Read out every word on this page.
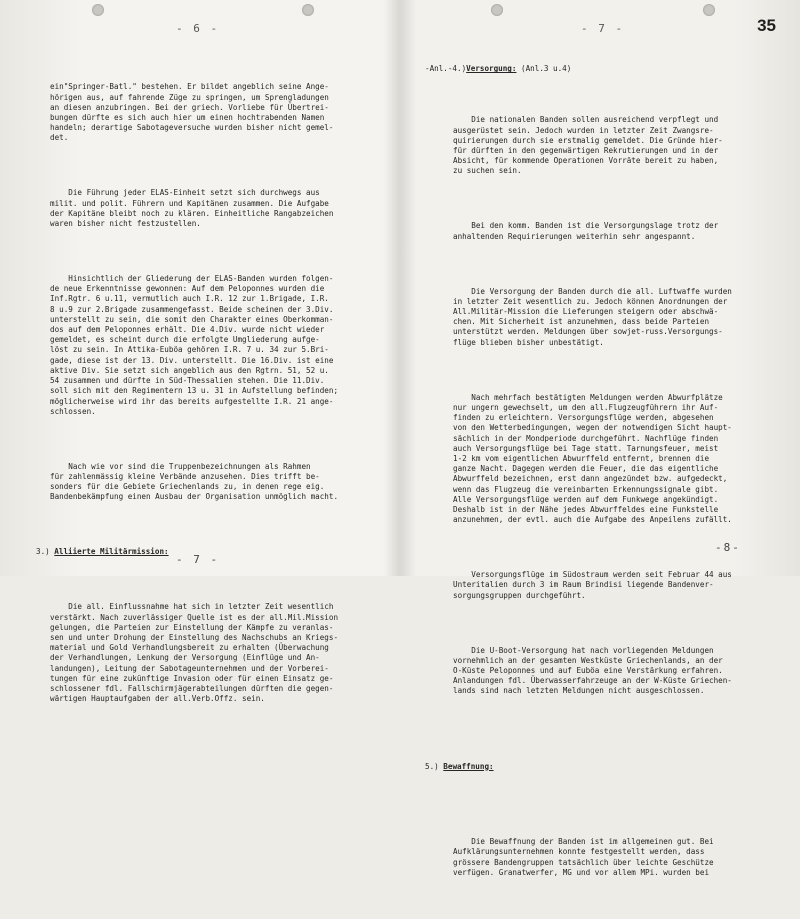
- 6 -

ein"Springer-Batl." bestehen. Er bildet angeblich seine Ange-
hörigen aus, auf fahrende Züge zu springen, um Sprengladungen
an diesen anzubringen. Bei der griech. Vorliebe für Übertrei-
bungen dürfte es sich auch hier um einen hochtrabenden Namen
handeln; derartige Sabotageversuche wurden bisher nicht gemel-
det.

Die Führung jeder ELAS-Einheit setzt sich durchwegs aus
milit. und polit. Führern und Kapitänen zusammen. Die Aufgabe
der Kapitäne bleibt noch zu klären. Einheitliche Rangabzeichen
waren bisher nicht festzustellen.

Hinsichtlich der Gliederung der ELAS-Banden wurden folgen-
de neue Erkenntnisse gewonnen: Auf dem Peloponnes wurden die
Inf.Rgtr. 6 u.11, vermutlich auch I.R. 12 zur 1.Brigade, I.R.
8 u.9 zur 2.Brigade zusammengefasst. Beide scheinen der 3.Div.
unterstellt zu sein, die somit den Charakter eines Oberkomman-
dos auf dem Peloponnes erhält. Die 4.Div. wurde nicht wieder
gemeldet, es scheint durch die erfolgte Umgliederung aufge-
löst zu sein. In Attika-Euböa gehören I.R. 7 u. 34 zur 5.Bri-
gade, diese ist der 13. Div. unterstellt. Die 16.Div. ist eine
aktive Div. Sie setzt sich angeblich aus den Rgtrn. 51, 52 u.
54 zusammen und dürfte in Süd-Thessalien stehen. Die 11.Div.
soll sich mit den Regimentern 13 u. 31 in Aufstellung befinden;
möglicherweise wird ihr das bereits aufgestellte I.R. 21 ange-
schlossen.

Nach wie vor sind die Truppenbezeichnungen als Rahmen
für zahlenmässig kleine Verbände anzusehen. Dies trifft be-
sonders für die Gebiete Griechenlands zu, in denen rege eig.
Bandenbekämpfung einen Ausbau der Organisation unmöglich macht.

3.) Alliierte Militärmission:

Die all. Einflussnahme hat sich in letzter Zeit wesentlich
verstärkt. Nach zuverlässiger Quelle ist es der all.Mil.Mission
gelungen, die Parteien zur Einstellung der Kämpfe zu veranlas-
sen und unter Drohung der Einstellung des Nachschubs an Kriegs-
material und Gold Verhandlungsbereit zu erhalten (Überwachung
der Verhandlungen, Lenkung der Versorgung (Einflüge und An-
landungen), Leitung der Sabotageunternehmen und der Vorberei-
tungen für eine zukünftige Invasion oder für einen Einsatz ge-
schlossener fdl. Fallschirmjägerabteilungen dürften die gegen-
wärtigen Hauptaufgaben der all.Verb.Offz. sein.

- 7 -
- 7 -	35

-Anl.-4.)Versorgung: (Anl.3 u.4)

Die nationalen Banden sollen ausreichend verpflegt und
ausgerüstet sein. Jedoch wurden in letzter Zeit Zwangsre-
quirierungen durch sie erstmalig gemeldet. Die Gründe hier-
für dürften in den gegenwärtigen Rekrutierungen und in der
Absicht, für kommende Operationen Vorräte bereit zu haben,
zu suchen sein.

Bei den komm. Banden ist die Versorgungslage trotz der
anhaltenden Requirierungen weiterhin sehr angespannt.

Die Versorgung der Banden durch die all. Luftwaffe wurden
in letzter Zeit wesentlich zu. Jedoch können Anordnungen der
All.Militär-Mission die Lieferungen steigern oder abschwä-
chen. Mit Sicherheit ist anzunehmen, dass beide Parteien
unterstützt werden. Meldungen über sowjet-russ.Versorgungs-
flüge blieben bisher unbestätigt.

Nach mehrfach bestätigten Meldungen werden Abwurfplätze
nur ungern gewechselt, um den all.Flugzeugführern ihr Auf-
finden zu erleichtern. Versorgungsflüge werden, abgesehen
von den Wetterbedingungen, wegen der notwendigen Sicht haupt-
sächlich in der Mondperiode durchgeführt. Nachflüge finden
auch Versorgungsflüge bei Tage statt. Tarnungsfeuer, meist
1-2 km vom eigentlichen Abwurffeld entfernt, brennen die
ganze Nacht. Dagegen werden die Feuer, die das eigentliche
Abwurffeld bezeichnen, erst dann angezündet bzw. aufgedeckt,
wenn das Flugzeug die vereinbarten Erkennungssignale gibt.
Alle Versorgungsflüge werden auf dem Funkwege angekündigt.
Deshalb ist in der Nähe jedes Abwurffeldes eine Funkstelle
anzunehmen, der evtl. auch die Aufgabe des Anpeilens zufällt.

Versorgungsflüge im Südostraum werden seit Februar 44 aus
Unteritalien durch 3 im Raum Brindisi liegende Bandenver-
sorgungsgruppen durchgeführt.

Die U-Boot-Versorgung hat nach vorliegenden Meldungen
vornehmlich an der gesamten Westküste Griechenlands, an der
O-Küste Peloponnes und auf Euböa eine Verstärkung erfahren.
Anlandungen fdl. Überwasserfahrzeuge an der W-Küste Griechen-
lands sind nach letzten Meldungen nicht ausgeschlossen.

5.) Bewaffnung:

Die Bewaffnung der Banden ist im allgemeinen gut. Bei
Aufklärungsunternehmen konnte festgestellt werden, dass
grössere Bandengruppen tatsächlich über leichte Geschütze
verfügen. Granatwerfer, MG und vor allem MPi. wurden bei

-8-
